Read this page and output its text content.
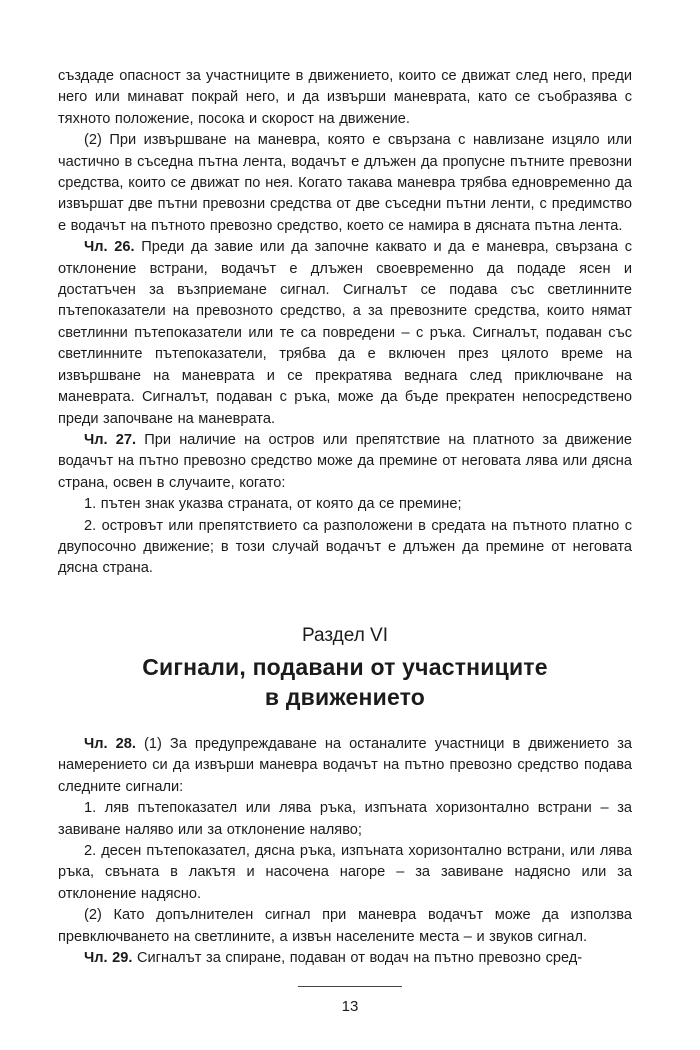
създаде опасност за участниците в движението, които се движат след него, преди него или минават покрай него, и да извърши маневрата, като се съобразява с тяхното положение, посока и скорост на движение.

(2) При извършване на маневра, която е свързана с навлизане изцяло или частично в съседна пътна лента, водачът е длъжен да пропусне пътните превозни средства, които се движат по нея. Когато такава маневра трябва едновременно да извършат две пътни превозни средства от две съседни пътни ленти, с предимство е водачът на пътното превозно средство, което се намира в дясната пътна лента.

Чл. 26. Преди да завие или да започне каквато и да е маневра, свързана с отклонение встрани, водачът е длъжен своевременно да подаде ясен и достатъчен за възприемане сигнал. Сигналът се подава със светлинните пътепоказатели на превозното средство, а за превозните средства, които нямат светлинни пътепоказатели или те са повредени – с ръка. Сигналът, подаван със светлинните пътепоказатели, трябва да е включен през цялото време на извършване на маневрата и се прекратява веднага след приключване на маневрата. Сигналът, подаван с ръка, може да бъде прекратен непосредствено преди започване на маневрата.

Чл. 27. При наличие на остров или препятствие на платното за движение водачът на пътно превозно средство може да премине от неговата лява или дясна страна, освен в случаите, когато:

1. пътен знак указва страната, от която да се премине;

2. островът или препятствието са разположени в средата на пътното платно с двупосочно движение; в този случай водачът е длъжен да премине от неговата дясна страна.

Раздел VI

Сигнали, подавани от участниците
в движението

Чл. 28. (1) За предупреждаване на останалите участници в движението за намерението си да извърши маневра водачът на пътно превозно средство подава следните сигнали:

1. ляв пътепоказател или лява ръка, изпъната хоризонтално встрани – за завиване наляво или за отклонение наляво;

2. десен пътепоказател, дясна ръка, изпъната хоризонтално встрани, или лява ръка, свъната в лакътя и насочена нагоре – за завиване надясно или за отклонение надясно.

(2) Като допълнителен сигнал при маневра водачът може да използва превключването на светлините, а извън населените места – и звуков сигнал.

Чл. 29. Сигналът за спиране, подаван от водач на пътно превозно сред-

13
